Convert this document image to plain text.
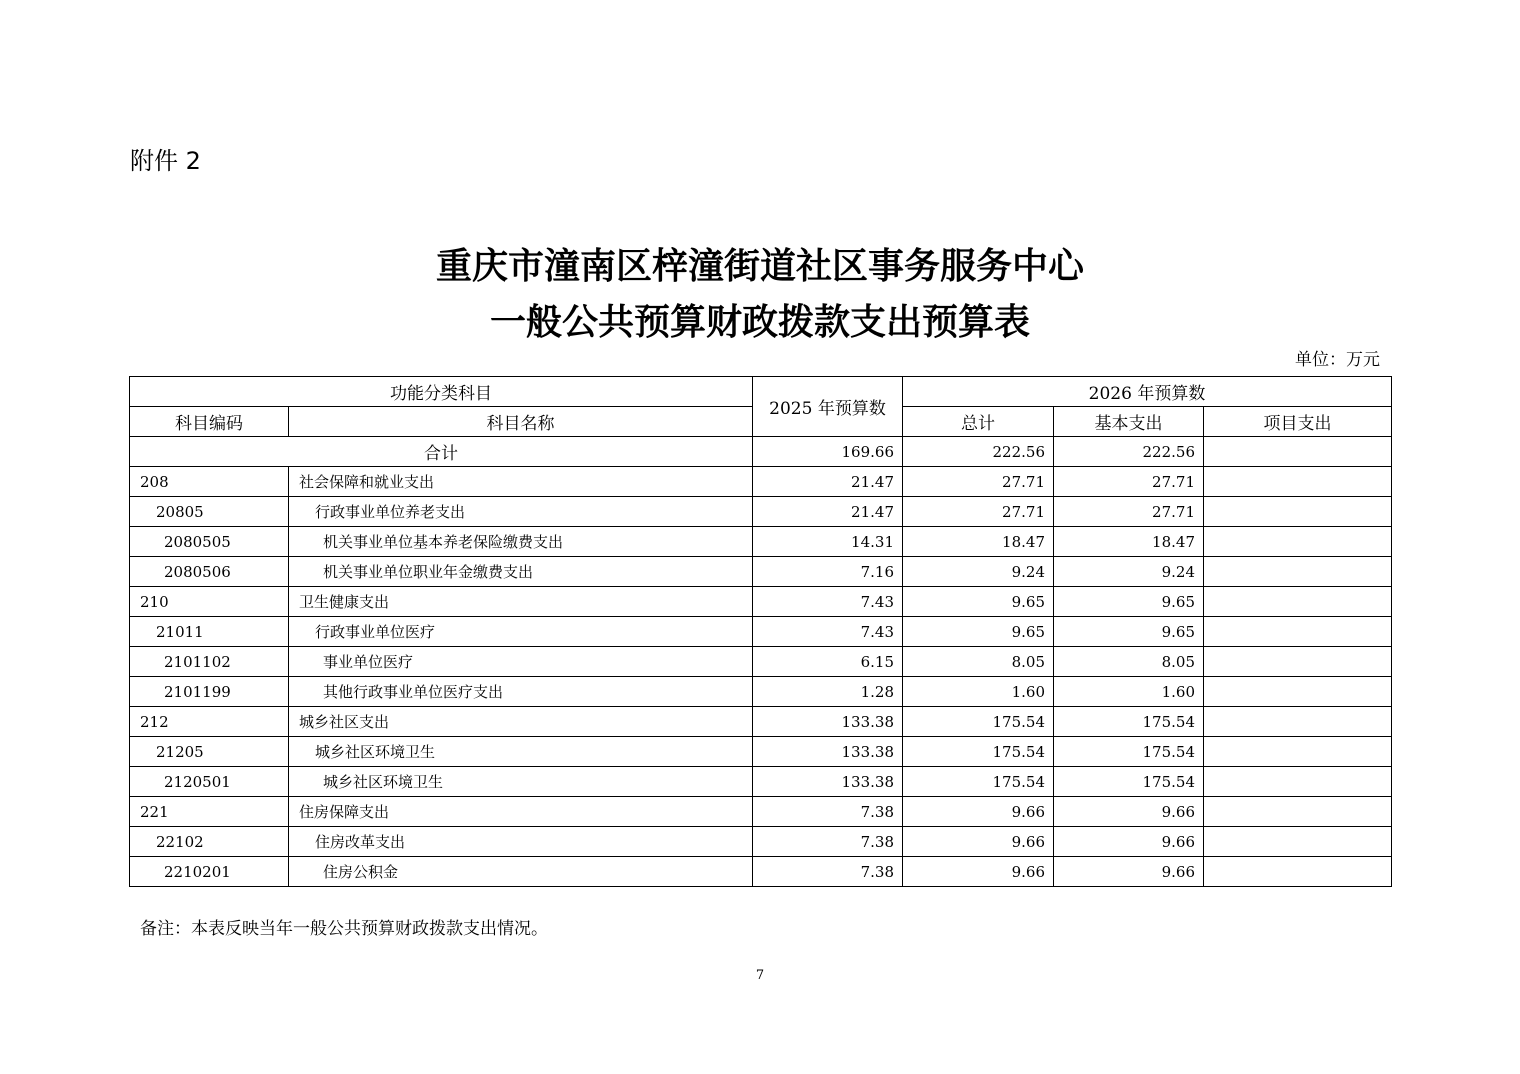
附件 2
重庆市潼南区梓潼街道社区事务服务中心
一般公共预算财政拨款支出预算表
单位：万元
功能分类科目		2025 年预算数	2026 年预算数		
科目编码	科目名称		总计	基本支出	项目支出
合计		169.66	222.56	222.56	
208	社会保障和就业支出	21.47	27.71	27.71	
20805	行政事业单位养老支出	21.47	27.71	27.71	
2080505	机关事业单位基本养老保险缴费支出	14.31	18.47	18.47	
2080506	机关事业单位职业年金缴费支出	7.16	9.24	9.24	
210	卫生健康支出	7.43	9.65	9.65	
21011	行政事业单位医疗	7.43	9.65	9.65	
2101102	事业单位医疗	6.15	8.05	8.05	
2101199	其他行政事业单位医疗支出	1.28	1.60	1.60	
212	城乡社区支出	133.38	175.54	175.54	
21205	城乡社区环境卫生	133.38	175.54	175.54	
2120501	城乡社区环境卫生	133.38	175.54	175.54	
221	住房保障支出	7.38	9.66	9.66	
22102	住房改革支出	7.38	9.66	9.66	
2210201	住房公积金	7.38	9.66	9.66	
备注：本表反映当年一般公共预算财政拨款支出情况。
7
